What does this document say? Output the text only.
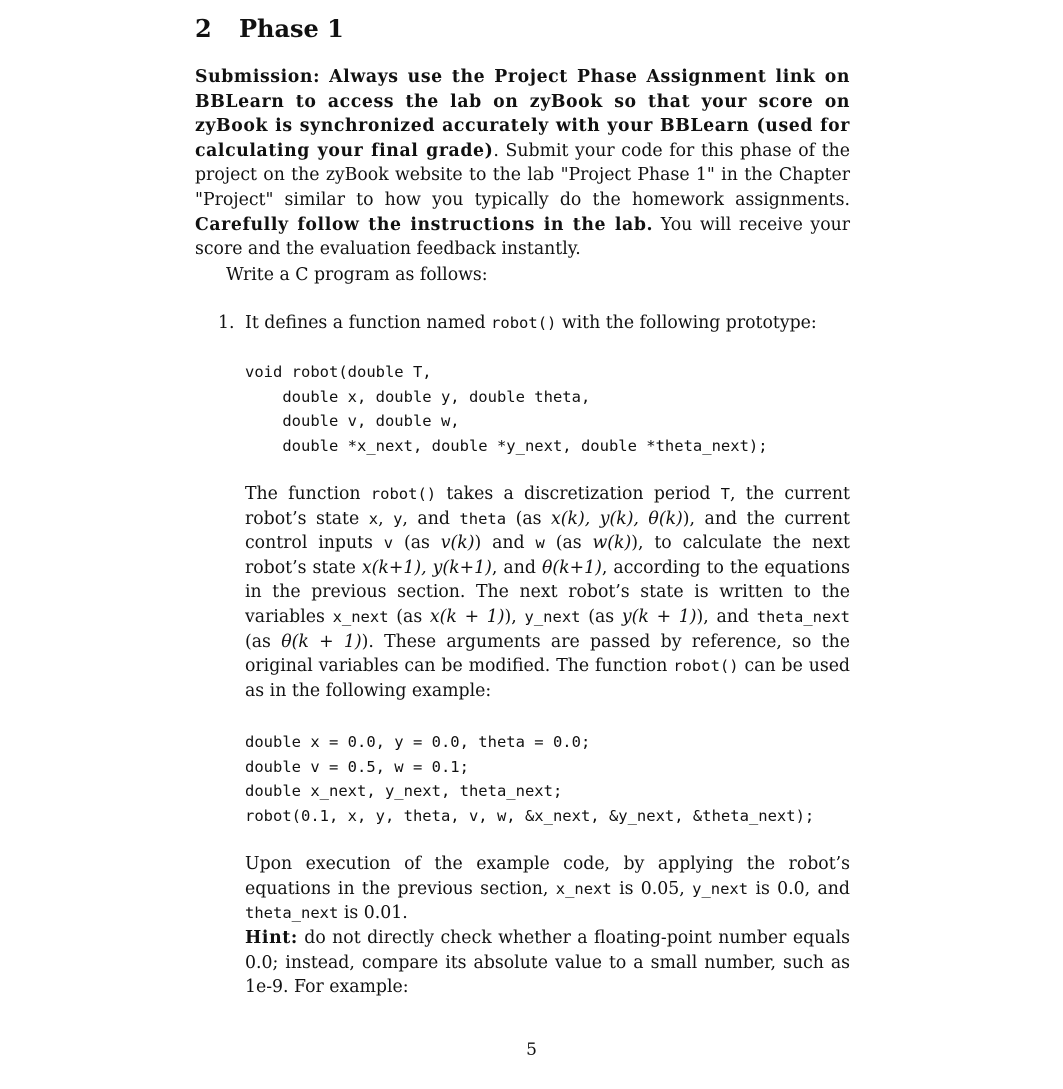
2 Phase 1

Submission: Always use the Project Phase Assignment link on BBLearn to access the lab on zyBook so that your score on zyBook is synchronized accurately with your BBLearn (used for calculating your final grade). Submit your code for this phase of the project on the zyBook website to the lab "Project Phase 1" in the Chapter "Project" similar to how you typically do the homework assignments. Carefully follow the instructions in the lab. You will receive your score and the evaluation feedback instantly.

Write a C program as follows:

1. It defines a function named robot() with the following prototype:
void robot(double T,
double x, double y, double theta,
double v, double w,
double *x_next, double *y_next, double *theta_next);

The function robot() takes a discretization period T, the current robot’s state x, y, and theta (as x(k), y(k), θ(k)), and the current control inputs v (as v(k)) and w (as w(k)), to calculate the next robot’s state x(k+1), y(k+1), and θ(k+1), according to the equations in the previous section. The next robot’s state is written to the variables x_next (as x(k + 1)), y_next (as y(k + 1)), and theta_next (as θ(k + 1)). These arguments are passed by reference, so the original variables can be modified. The function robot() can be used as in the following example:

double x = 0.0, y = 0.0, theta = 0.0;
double v = 0.5, w = 0.1;
double x_next, y_next, theta_next;
robot(0.1, x, y, theta, v, w, &x_next, &y_next, &theta_next);

Upon execution of the example code, by applying the robot’s equations in the previous section, x_next is 0.05, y_next is 0.0, and theta_next is 0.01.

Hint: do not directly check whether a floating-point number equals 0.0; instead, compare its absolute value to a small number, such as 1e-9. For example:

5
